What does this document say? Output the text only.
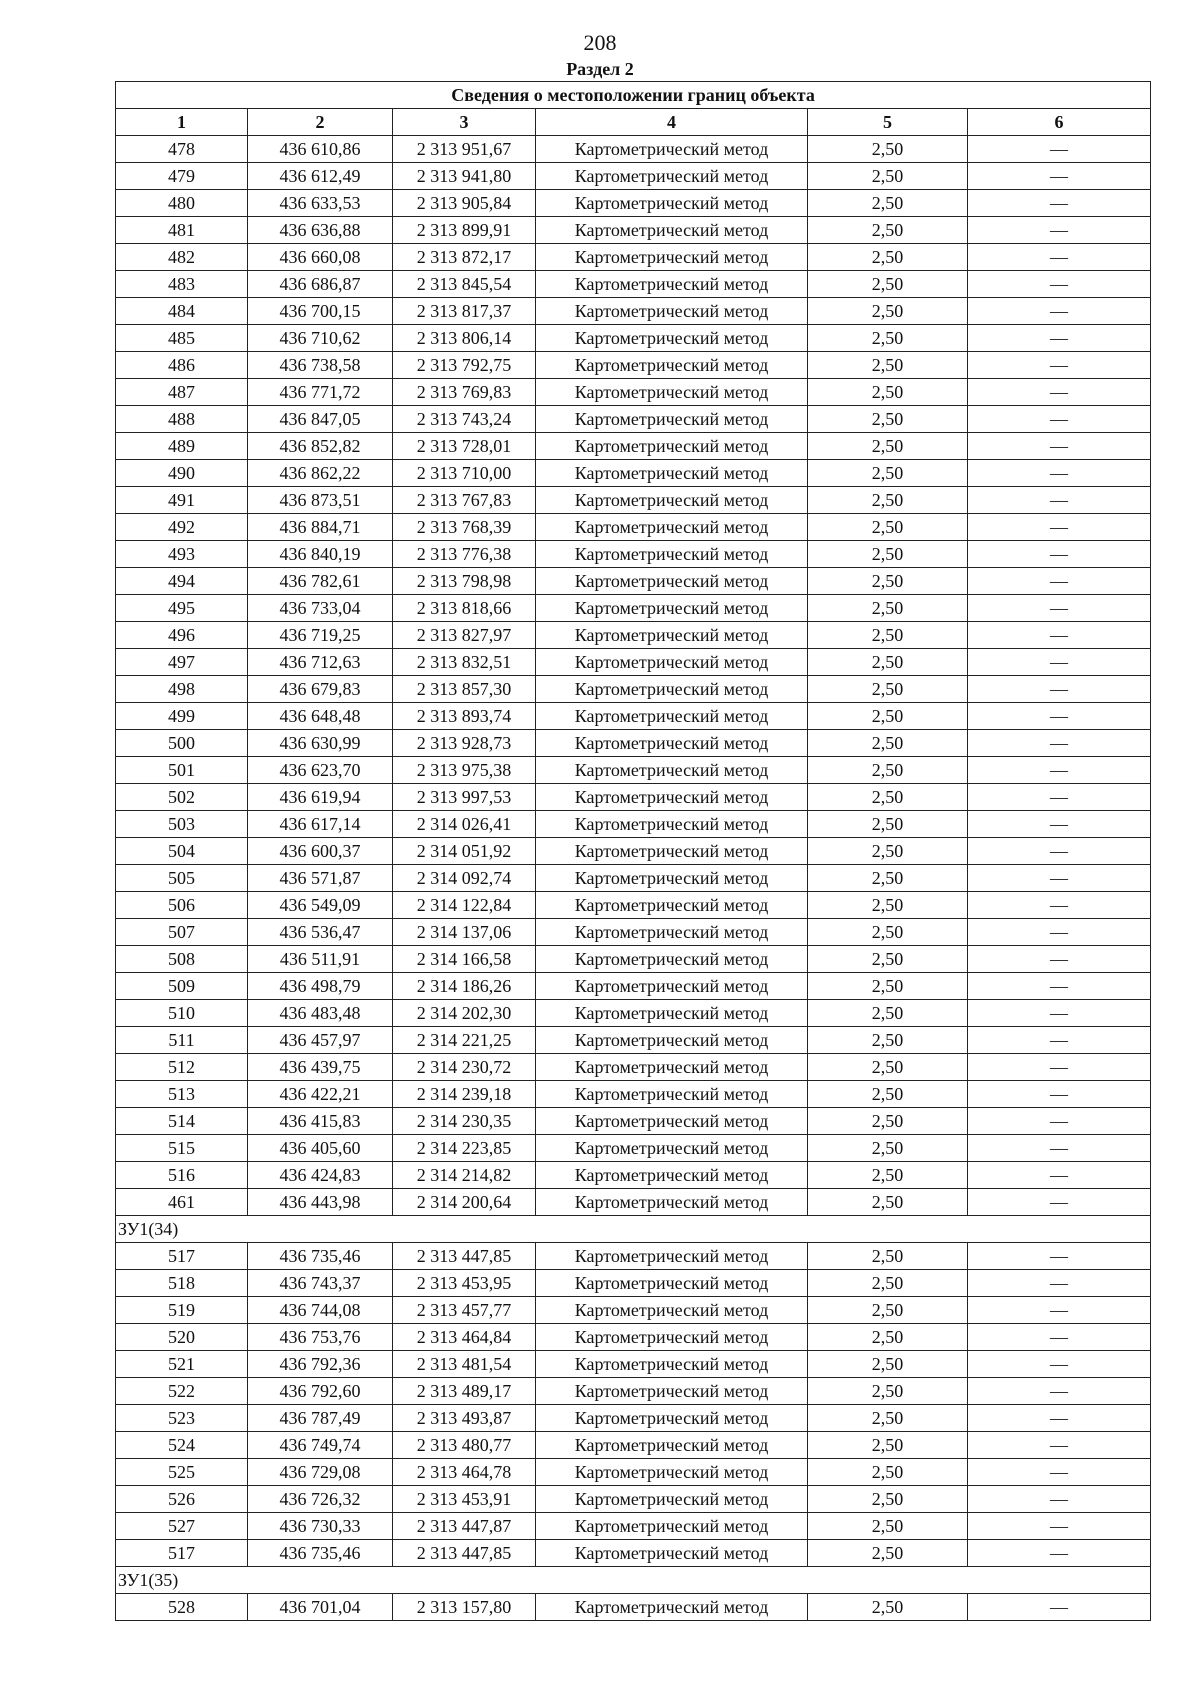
208
Раздел 2
Сведения о местоположении границ объекта					
1	2	3	4	5	6
478	436 610,86	2 313 951,67	Картометрический метод	2,50	—
479	436 612,49	2 313 941,80	Картометрический метод	2,50	—
480	436 633,53	2 313 905,84	Картометрический метод	2,50	—
481	436 636,88	2 313 899,91	Картометрический метод	2,50	—
482	436 660,08	2 313 872,17	Картометрический метод	2,50	—
483	436 686,87	2 313 845,54	Картометрический метод	2,50	—
484	436 700,15	2 313 817,37	Картометрический метод	2,50	—
485	436 710,62	2 313 806,14	Картометрический метод	2,50	—
486	436 738,58	2 313 792,75	Картометрический метод	2,50	—
487	436 771,72	2 313 769,83	Картометрический метод	2,50	—
488	436 847,05	2 313 743,24	Картометрический метод	2,50	—
489	436 852,82	2 313 728,01	Картометрический метод	2,50	—
490	436 862,22	2 313 710,00	Картометрический метод	2,50	—
491	436 873,51	2 313 767,83	Картометрический метод	2,50	—
492	436 884,71	2 313 768,39	Картометрический метод	2,50	—
493	436 840,19	2 313 776,38	Картометрический метод	2,50	—
494	436 782,61	2 313 798,98	Картометрический метод	2,50	—
495	436 733,04	2 313 818,66	Картометрический метод	2,50	—
496	436 719,25	2 313 827,97	Картометрический метод	2,50	—
497	436 712,63	2 313 832,51	Картометрический метод	2,50	—
498	436 679,83	2 313 857,30	Картометрический метод	2,50	—
499	436 648,48	2 313 893,74	Картометрический метод	2,50	—
500	436 630,99	2 313 928,73	Картометрический метод	2,50	—
501	436 623,70	2 313 975,38	Картометрический метод	2,50	—
502	436 619,94	2 313 997,53	Картометрический метод	2,50	—
503	436 617,14	2 314 026,41	Картометрический метод	2,50	—
504	436 600,37	2 314 051,92	Картометрический метод	2,50	—
505	436 571,87	2 314 092,74	Картометрический метод	2,50	—
506	436 549,09	2 314 122,84	Картометрический метод	2,50	—
507	436 536,47	2 314 137,06	Картометрический метод	2,50	—
508	436 511,91	2 314 166,58	Картометрический метод	2,50	—
509	436 498,79	2 314 186,26	Картометрический метод	2,50	—
510	436 483,48	2 314 202,30	Картометрический метод	2,50	—
511	436 457,97	2 314 221,25	Картометрический метод	2,50	—
512	436 439,75	2 314 230,72	Картометрический метод	2,50	—
513	436 422,21	2 314 239,18	Картометрический метод	2,50	—
514	436 415,83	2 314 230,35	Картометрический метод	2,50	—
515	436 405,60	2 314 223,85	Картометрический метод	2,50	—
516	436 424,83	2 314 214,82	Картометрический метод	2,50	—
461	436 443,98	2 314 200,64	Картометрический метод	2,50	—
ЗУ1(34)					
517	436 735,46	2 313 447,85	Картометрический метод	2,50	—
518	436 743,37	2 313 453,95	Картометрический метод	2,50	—
519	436 744,08	2 313 457,77	Картометрический метод	2,50	—
520	436 753,76	2 313 464,84	Картометрический метод	2,50	—
521	436 792,36	2 313 481,54	Картометрический метод	2,50	—
522	436 792,60	2 313 489,17	Картометрический метод	2,50	—
523	436 787,49	2 313 493,87	Картометрический метод	2,50	—
524	436 749,74	2 313 480,77	Картометрический метод	2,50	—
525	436 729,08	2 313 464,78	Картометрический метод	2,50	—
526	436 726,32	2 313 453,91	Картометрический метод	2,50	—
527	436 730,33	2 313 447,87	Картометрический метод	2,50	—
517	436 735,46	2 313 447,85	Картометрический метод	2,50	—
ЗУ1(35)					
528	436 701,04	2 313 157,80	Картометрический метод	2,50	—
